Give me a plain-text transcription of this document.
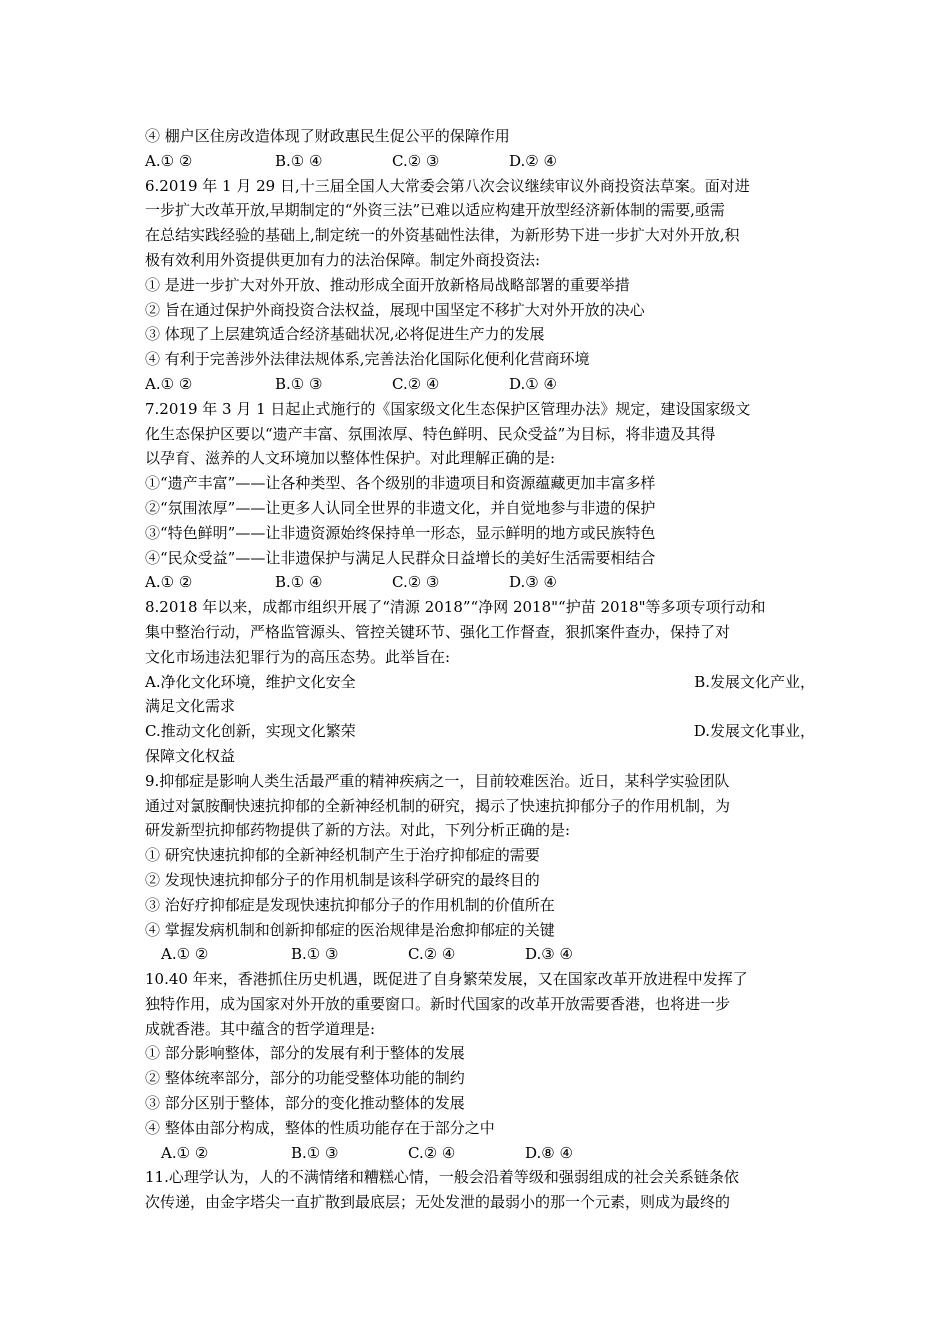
④ 棚户区住房改造体现了财政惠民生促公平的保障作用
A.① ②	B.① ④	C.② ③	D.② ④
6.2019 年 1 月 29 日,十三届全国人大常委会第八次会议继续审议外商投资法草案。面对进
一步扩大改革开放,早期制定的“外资三法”已难以适应构建开放型经济新体制的需要,亟需
在总结实践经验的基础上,制定统一的外资基础性法律，为新形势下进一步扩大对外开放,积
极有效利用外资提供更加有力的法治保障。制定外商投资法:
① 是进一步扩大对外开放、推动形成全面开放新格局战略部署的重要举措
② 旨在通过保护外商投资合法权益，展现中国坚定不移扩大对外开放的决心
③ 体现了上层建筑适合经济基础状况,必将促进生产力的发展
④ 有利于完善涉外法律法规体系,完善法治化国际化便利化营商环境
A.① ②	B.① ③	C.② ④	D.① ④
7.2019 年 3 月 1 日起止式施行的《国家级文化生态保护区管理办法》规定，建设国家级文
化生态保护区要以“遗产丰富、氛围浓厚、特色鲜明、民众受益”为目标，将非遗及其得
以孕育、滋养的人文环境加以整体性保护。对此理解正确的是:
①“遗产丰富”——让各种类型、各个级别的非遗项目和资源蕴藏更加丰富多样
②“氛围浓厚”——让更多人认同全世界的非遗文化，并自觉地参与非遗的保护
③“特色鲜明”——让非遗资源始终保持单一形态，显示鲜明的地方或民族特色
④“民众受益”——让非遗保护与满足人民群众日益增长的美好生活需要相结合
A.① ②	B.① ④	C.② ③	D.③ ④
8.2018 年以来，成都市组织开展了“清源 2018”“净网 2018"“护苗 2018"等多项专项行动和
集中整治行动，严格监管源头、管控关键环节、强化工作督查，狠抓案件查办，保持了对
文化市场违法犯罪行为的高压态势。此举旨在:
A.净化文化环境，维护文化安全	B.发展文化产业，
满足文化需求
C.推动文化创新，实现文化繁荣	D.发展文化事业，
保障文化权益
9.抑郁症是影响人类生活最严重的精神疾病之一，目前较难医治。近日，某科学实验团队
通过对氯胺酮快速抗抑郁的全新神经机制的研究，揭示了快速抗抑郁分子的作用机制，为
研发新型抗抑郁药物提供了新的方法。对此，下列分析正确的是:
① 研究快速抗抑郁的全新神经机制产生于治疗抑郁症的需要
② 发现快速抗抑郁分子的作用机制是该科学研究的最终目的
③ 治好疗抑郁症是发现快速抗抑郁分子的作用机制的价值所在
④ 掌握发病机制和创新抑郁症的医治规律是治愈抑郁症的关键
A.① ②	B.① ③	C.② ④	D.③ ④
10.40 年来，香港抓住历史机遇，既促进了自身繁荣发展，又在国家改革开放进程中发挥了
独特作用，成为国家对外开放的重要窗口。新时代国家的改革开放需要香港，也将进一步
成就香港。其中蕴含的哲学道理是:
① 部分影响整体，部分的发展有利于整体的发展
② 整体统率部分，部分的功能受整体功能的制约
③ 部分区别于整体，部分的变化推动整体的发展
④ 整体由部分构成，整体的性质功能存在于部分之中
A.① ②	B.① ③	C.② ④	D.⑧ ④
11.心理学认为，人的不满情绪和糟糕心情，一般会沿着等级和强弱组成的社会关系链条依
次传递，由金字塔尖一直扩散到最底层；无处发泄的最弱小的那一个元素，则成为最终的
